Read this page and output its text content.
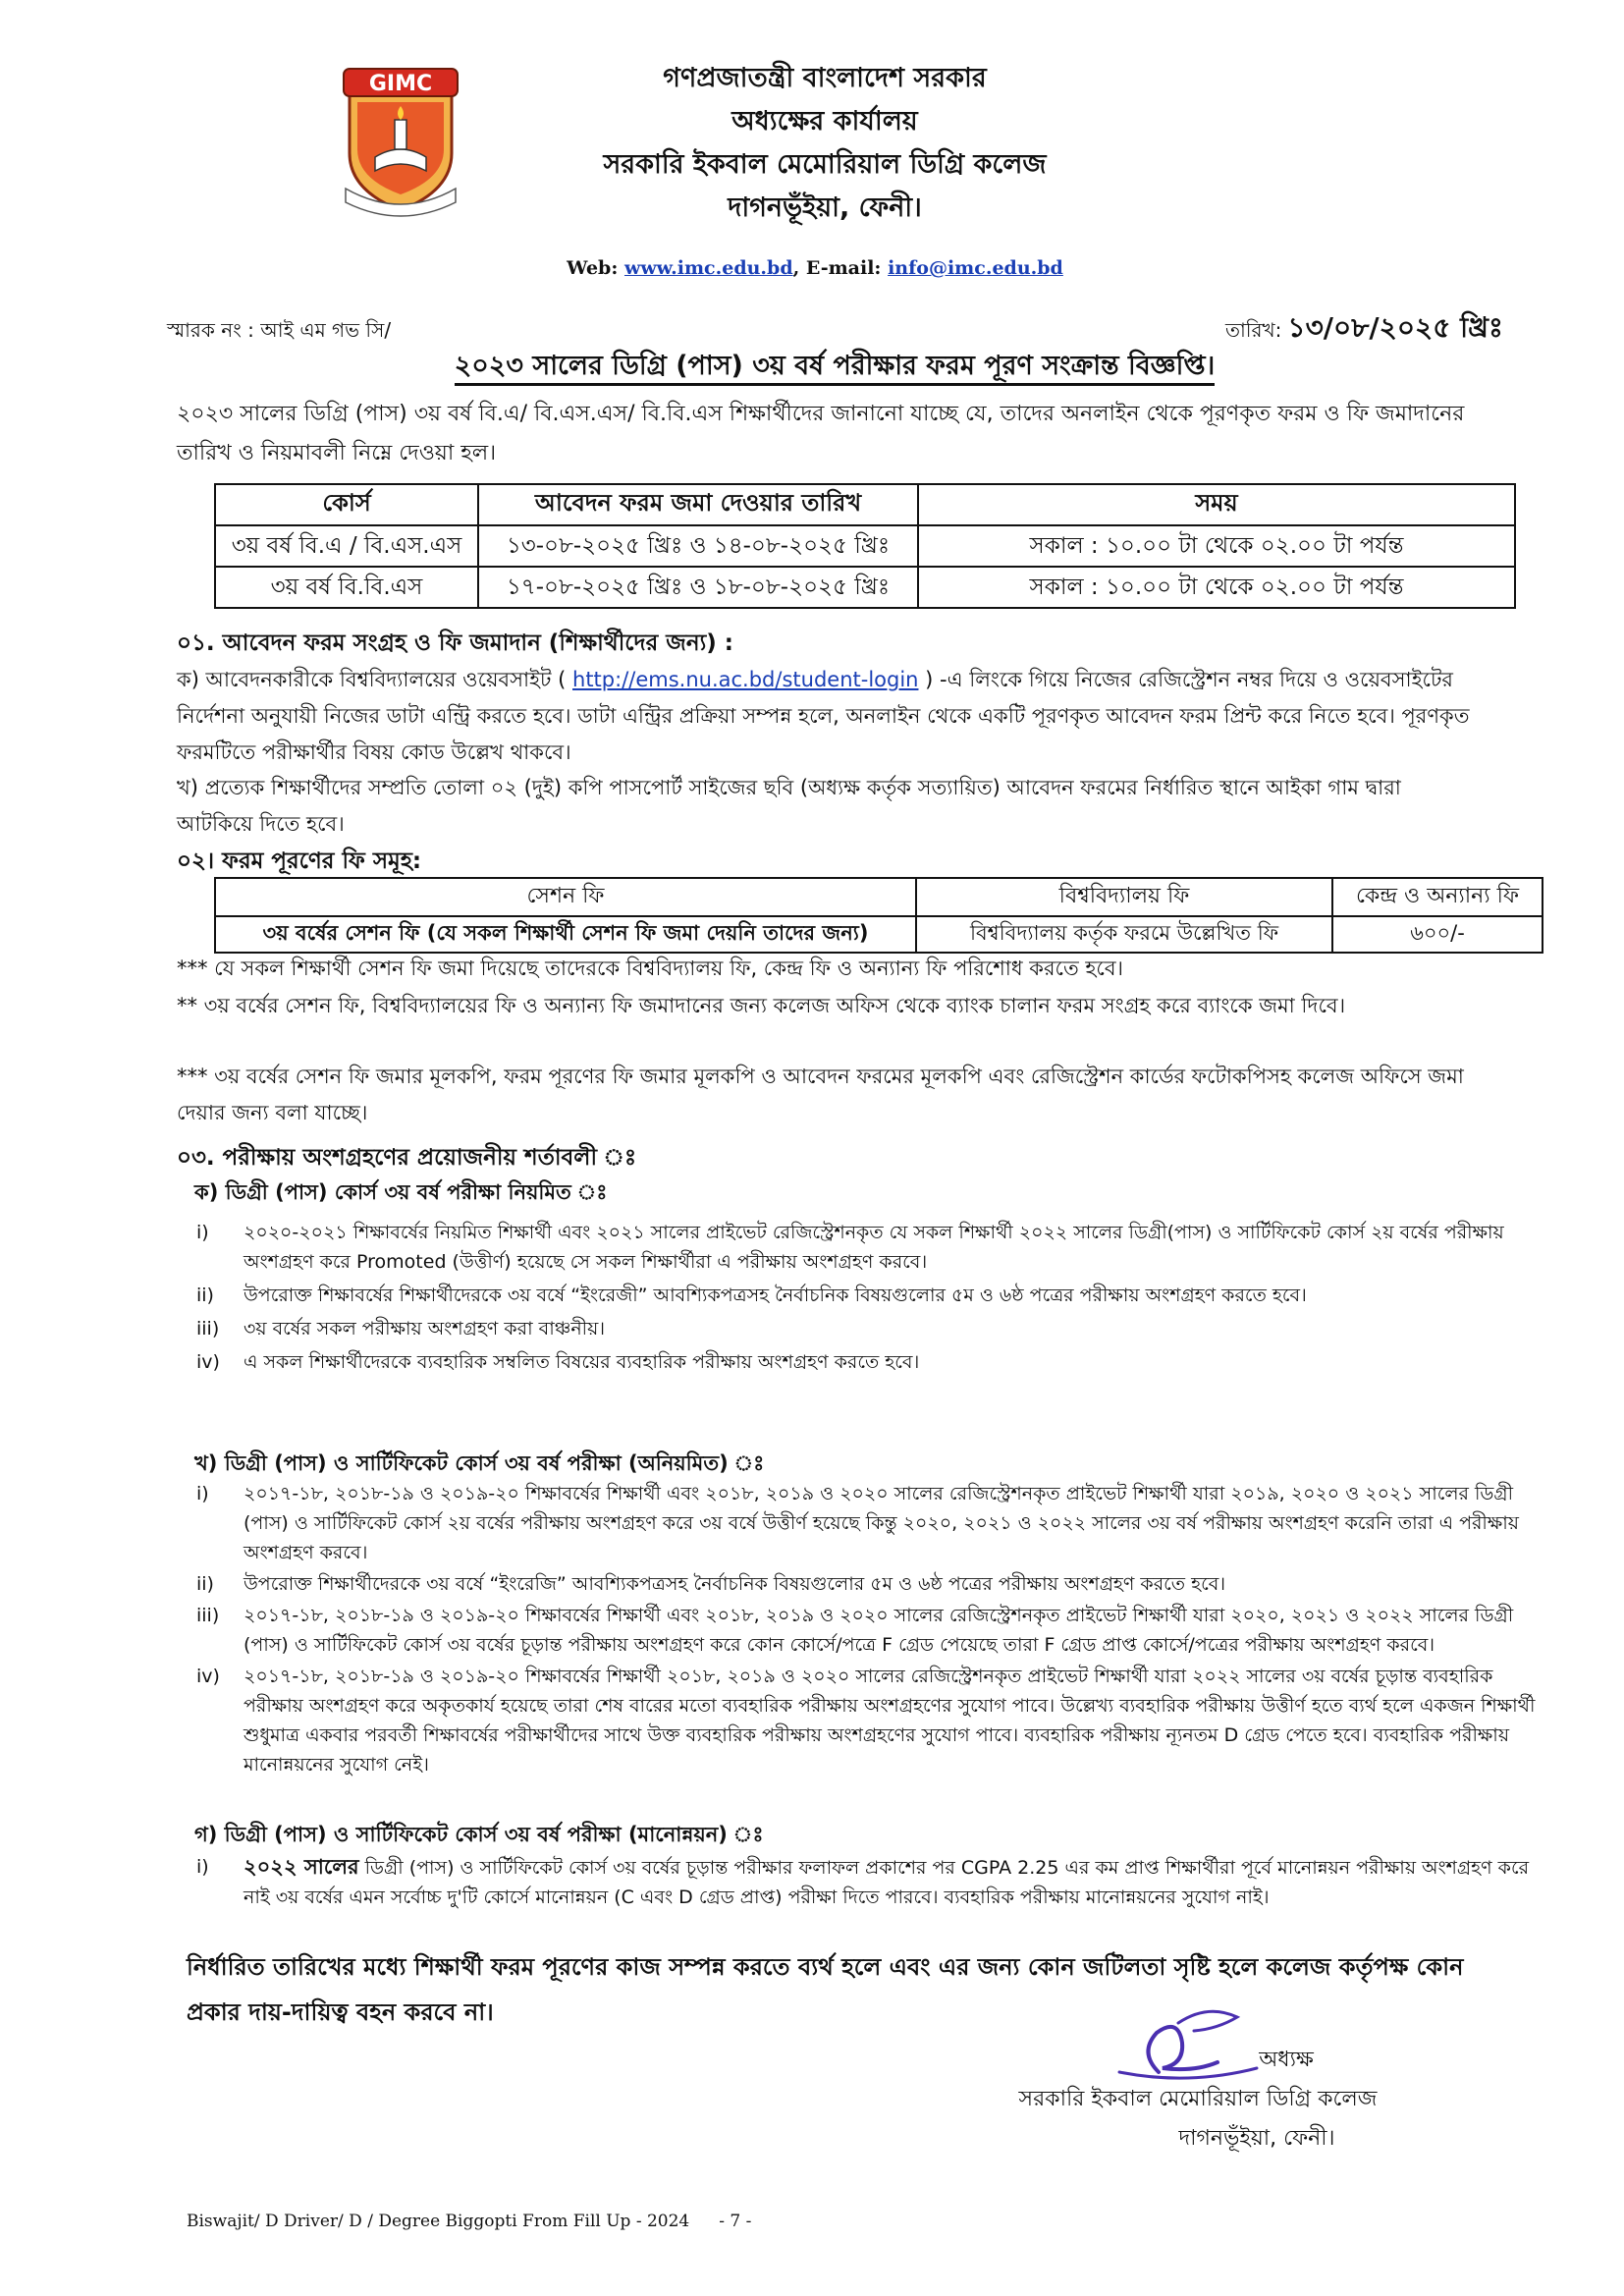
GIMC	গণপ্রজাতন্ত্রী বাংলাদেশ সরকার
অধ্যক্ষের কার্যালয়
সরকারি ইকবাল মেমোরিয়াল ডিগ্রি কলেজ
দাগনভূঁইয়া, ফেনী।
Web: www.imc.edu.bd, E-mail: info@imc.edu.bd
স্মারক নং : আই এম গভ সি/	তারিখ: ১৩/০৮/২০২৫ খ্রিঃ
২০২৩ সালের ডিগ্রি (পাস) ৩য় বর্ষ পরীক্ষার ফরম পূরণ সংক্রান্ত বিজ্ঞপ্তি।
২০২৩ সালের ডিগ্রি (পাস) ৩য় বর্ষ বি.এ/ বি.এস.এস/ বি.বি.এস শিক্ষার্থীদের জানানো যাচ্ছে যে, তাদের অনলাইন থেকে পূরণকৃত ফরম ও ফি জমাদানের তারিখ ও নিয়মাবলী নিম্নে দেওয়া হল।
কোর্স	আবেদন ফরম জমা দেওয়ার তারিখ	সময়
৩য় বর্ষ বি.এ / বি.এস.এস	১৩-০৮-২০২৫ খ্রিঃ ও ১৪-০৮-২০২৫ খ্রিঃ	সকাল : ১০.০০ টা থেকে ০২.০০ টা পর্যন্ত
৩য় বর্ষ বি.বি.এস	১৭-০৮-২০২৫ খ্রিঃ ও ১৮-০৮-২০২৫ খ্রিঃ	সকাল : ১০.০০ টা থেকে ০২.০০ টা পর্যন্ত
০১. আবেদন ফরম সংগ্রহ ও ফি জমাদান (শিক্ষার্থীদের জন্য) :
ক) আবেদনকারীকে বিশ্ববিদ্যালয়ের ওয়েবসাইট ( http://ems.nu.ac.bd/student-login ) -এ লিংকে গিয়ে নিজের রেজিস্ট্রেশন নম্বর দিয়ে ও ওয়েবসাইটের নির্দেশনা অনুযায়ী নিজের ডাটা এন্ট্রি করতে হবে। ডাটা এন্ট্রির প্রক্রিয়া সম্পন্ন হলে, অনলাইন থেকে একটি পূরণকৃত আবেদন ফরম প্রিন্ট করে নিতে হবে। পূরণকৃত ফরমটিতে পরীক্ষার্থীর বিষয় কোড উল্লেখ থাকবে।
খ) প্রত্যেক শিক্ষার্থীদের সম্প্রতি তোলা ০২ (দুই) কপি পাসপোর্ট সাইজের ছবি (অধ্যক্ষ কর্তৃক সত্যায়িত) আবেদন ফরমের নির্ধারিত স্থানে আইকা গাম দ্বারা আটকিয়ে দিতে হবে।
০২। ফরম পূরণের ফি সমূহ:
সেশন ফি	বিশ্ববিদ্যালয় ফি	কেন্দ্র ও অন্যান্য ফি
৩য় বর্ষের সেশন ফি (যে সকল শিক্ষার্থী সেশন ফি জমা দেয়নি তাদের জন্য)	বিশ্ববিদ্যালয় কর্তৃক ফরমে উল্লেখিত ফি	৬০০/-
*** যে সকল শিক্ষার্থী সেশন ফি জমা দিয়েছে তাদেরকে বিশ্ববিদ্যালয় ফি, কেন্দ্র ফি ও অন্যান্য ফি পরিশোধ করতে হবে।
** ৩য় বর্ষের সেশন ফি, বিশ্ববিদ্যালয়ের ফি ও অন্যান্য ফি জমাদানের জন্য কলেজ অফিস থেকে ব্যাংক চালান ফরম সংগ্রহ করে ব্যাংকে জমা দিবে।
*** ৩য় বর্ষের সেশন ফি জমার মূলকপি, ফরম পূরণের ফি জমার মূলকপি ও আবেদন ফরমের মূলকপি এবং রেজিস্ট্রেশন কার্ডের ফটোকপিসহ কলেজ অফিসে জমা দেয়ার জন্য বলা যাচ্ছে।
০৩. পরীক্ষায় অংশগ্রহণের প্রয়োজনীয় শর্তাবলী ঃ
ক) ডিগ্রী (পাস) কোর্স ৩য় বর্ষ পরীক্ষা নিয়মিত ঃ
i)	২০২০-২০২১ শিক্ষাবর্ষের নিয়মিত শিক্ষার্থী এবং ২০২১ সালের প্রাইভেট রেজিস্ট্রেশনকৃত যে সকল শিক্ষার্থী ২০২২ সালের ডিগ্রী(পাস) ও সার্টিফিকেট কোর্স ২য় বর্ষের পরীক্ষায় অংশগ্রহণ করে Promoted (উত্তীর্ণ) হয়েছে সে সকল শিক্ষার্থীরা এ পরীক্ষায় অংশগ্রহণ করবে।
ii)	উপরোক্ত শিক্ষাবর্ষের শিক্ষার্থীদেরকে ৩য় বর্ষে “ইংরেজী” আবশ্যিকপত্রসহ নৈর্বাচনিক বিষয়গুলোর ৫ম ও ৬ষ্ঠ পত্রের পরীক্ষায় অংশগ্রহণ করতে হবে।
iii)	৩য় বর্ষের সকল পরীক্ষায় অংশগ্রহণ করা বাঞ্চনীয়।
iv)	এ সকল শিক্ষার্থীদেরকে ব্যবহারিক সম্বলিত বিষয়ের ব্যবহারিক পরীক্ষায় অংশগ্রহণ করতে হবে।
খ) ডিগ্রী (পাস) ও সার্টিফিকেট কোর্স ৩য় বর্ষ পরীক্ষা (অনিয়মিত) ঃ
i)	২০১৭-১৮, ২০১৮-১৯ ও ২০১৯-২০ শিক্ষাবর্ষের শিক্ষার্থী এবং ২০১৮, ২০১৯ ও ২০২০ সালের রেজিস্ট্রেশনকৃত প্রাইভেট শিক্ষার্থী যারা ২০১৯, ২০২০ ও ২০২১ সালের ডিগ্রী (পাস) ও সার্টিফিকেট কোর্স ২য় বর্ষের পরীক্ষায় অংশগ্রহণ করে ৩য় বর্ষে উত্তীর্ণ হয়েছে কিন্তু ২০২০, ২০২১ ও ২০২২ সালের ৩য় বর্ষ পরীক্ষায় অংশগ্রহণ করেনি তারা এ পরীক্ষায় অংশগ্রহণ করবে।
ii)	উপরোক্ত শিক্ষার্থীদেরকে ৩য় বর্ষে “ইংরেজি” আবশ্যিকপত্রসহ নৈর্বাচনিক বিষয়গুলোর ৫ম ও ৬ষ্ঠ পত্রের পরীক্ষায় অংশগ্রহণ করতে হবে।
iii)	২০১৭-১৮, ২০১৮-১৯ ও ২০১৯-২০ শিক্ষাবর্ষের শিক্ষার্থী এবং ২০১৮, ২০১৯ ও ২০২০ সালের রেজিস্ট্রেশনকৃত প্রাইভেট শিক্ষার্থী যারা ২০২০, ২০২১ ও ২০২২ সালের ডিগ্রী (পাস) ও সার্টিফিকেট কোর্স ৩য় বর্ষের চূড়ান্ত পরীক্ষায় অংশগ্রহণ করে কোন কোর্সে/পত্রে F গ্রেড পেয়েছে তারা F গ্রেড প্রাপ্ত কোর্সে/পত্রের পরীক্ষায় অংশগ্রহণ করবে।
iv)	২০১৭-১৮, ২০১৮-১৯ ও ২০১৯-২০ শিক্ষাবর্ষের শিক্ষার্থী ২০১৮, ২০১৯ ও ২০২০ সালের রেজিস্ট্রেশনকৃত প্রাইভেট শিক্ষার্থী যারা ২০২২ সালের ৩য় বর্ষের চূড়ান্ত ব্যবহারিক পরীক্ষায় অংশগ্রহণ করে অকৃতকার্য হয়েছে তারা শেষ বারের মতো ব্যবহারিক পরীক্ষায় অংশগ্রহণের সুযোগ পাবে। উল্লেখ্য ব্যবহারিক পরীক্ষায় উত্তীর্ণ হতে ব্যর্থ হলে একজন শিক্ষার্থী শুধুমাত্র একবার পরবর্তী শিক্ষাবর্ষের পরীক্ষার্থীদের সাথে উক্ত ব্যবহারিক পরীক্ষায় অংশগ্রহণের সুযোগ পাবে। ব্যবহারিক পরীক্ষায় ন্যূনতম D গ্রেড পেতে হবে। ব্যবহারিক পরীক্ষায় মানোন্নয়নের সুযোগ নেই।
গ) ডিগ্রী (পাস) ও সার্টিফিকেট কোর্স ৩য় বর্ষ পরীক্ষা (মানোন্নয়ন) ঃ
i)	২০২২ সালের ডিগ্রী (পাস) ও সার্টিফিকেট কোর্স ৩য় বর্ষের চূড়ান্ত পরীক্ষার ফলাফল প্রকাশের পর CGPA 2.25 এর কম প্রাপ্ত শিক্ষার্থীরা পূর্বে মানোন্নয়ন পরীক্ষায় অংশগ্রহণ করে নাই ৩য় বর্ষের এমন সর্বোচ্চ দু'টি কোর্সে মানোন্নয়ন (C এবং D গ্রেড প্রাপ্ত) পরীক্ষা দিতে পারবে। ব্যবহারিক পরীক্ষায় মানোন্নয়নের সুযোগ নাই।
নির্ধারিত তারিখের মধ্যে শিক্ষার্থী ফরম পূরণের কাজ সম্পন্ন করতে ব্যর্থ হলে এবং এর জন্য কোন জটিলতা সৃষ্টি হলে কলেজ কর্তৃপক্ষ কোন প্রকার দায়-দায়িত্ব বহন করবে না।
অধ্যক্ষ
সরকারি ইকবাল মেমোরিয়াল ডিগ্রি কলেজ
দাগনভূঁইয়া, ফেনী।
Biswajit/ D Driver/ D / Degree Biggopti From Fill Up - 2024 - 7 -
